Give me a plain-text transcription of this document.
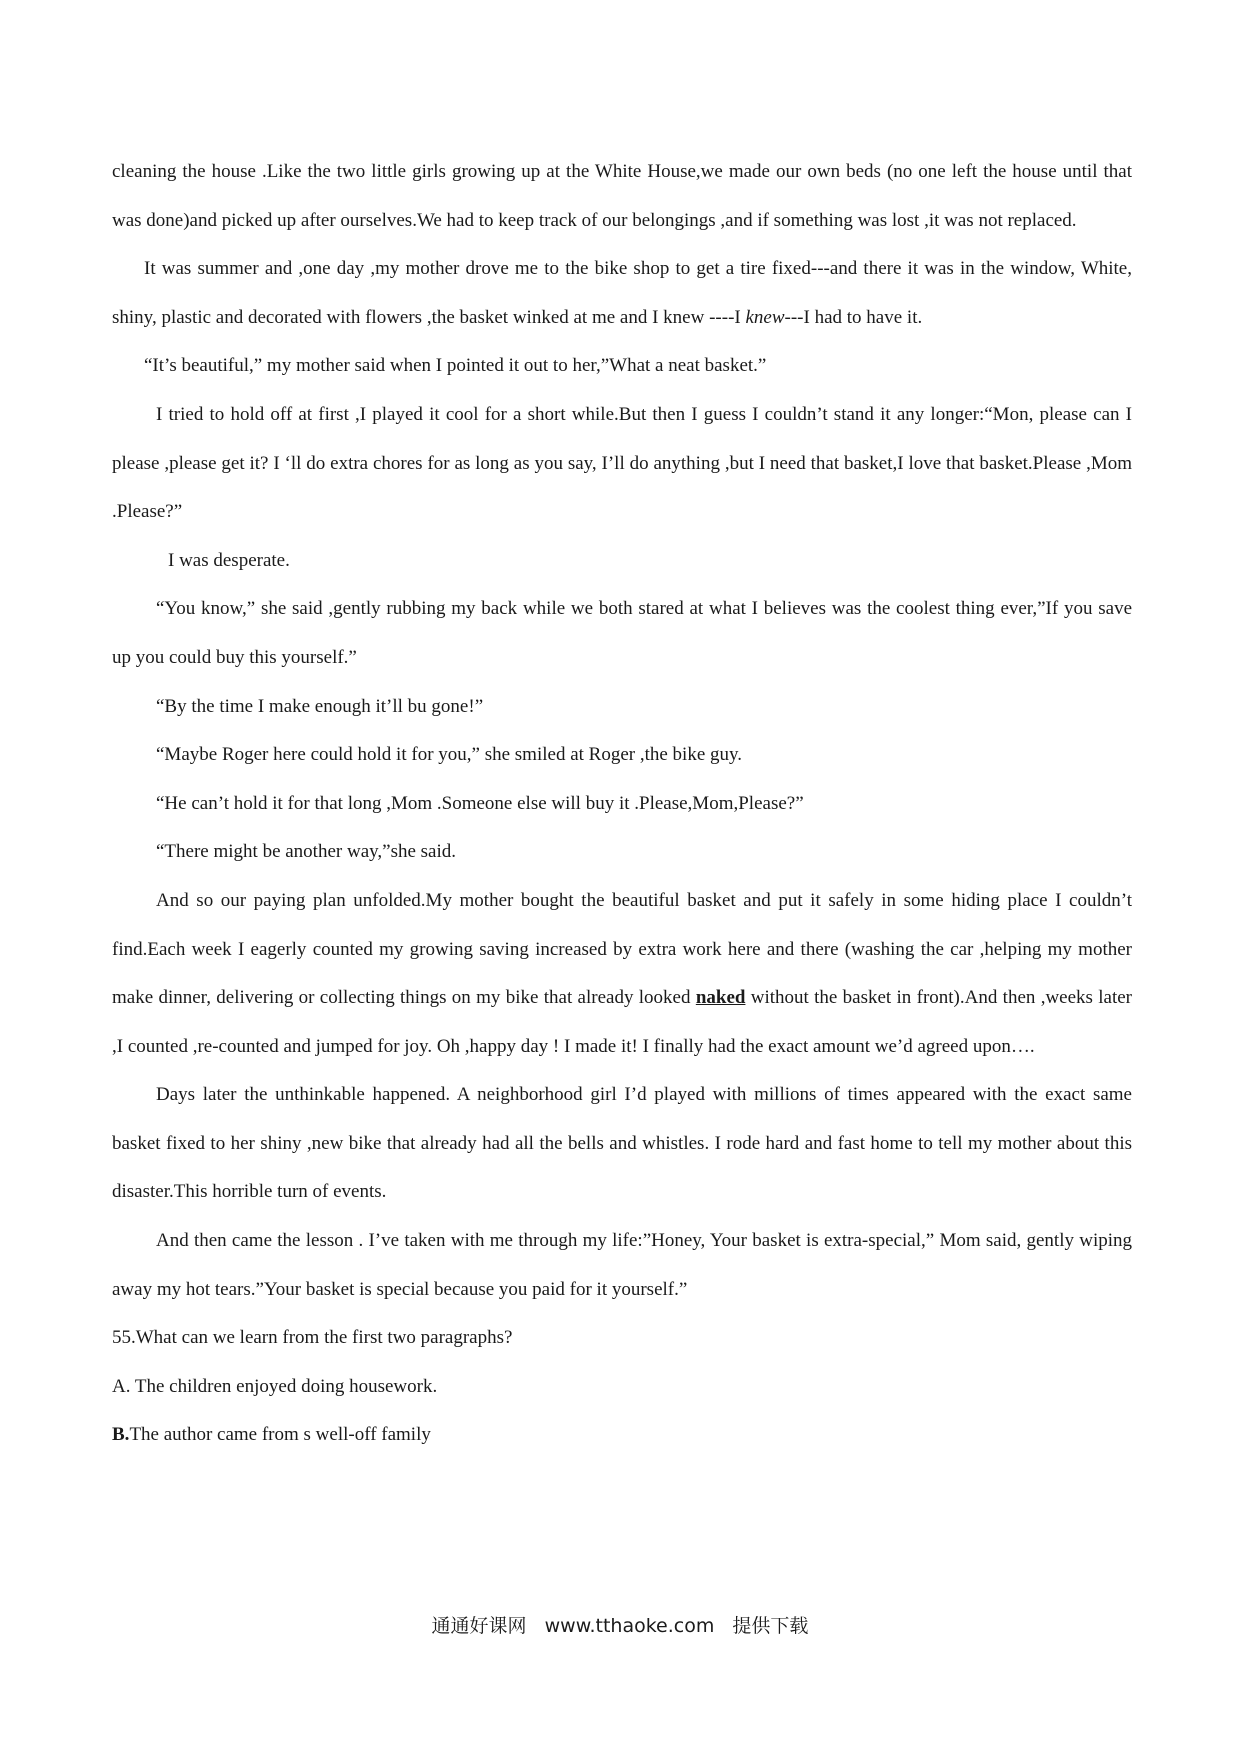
cleaning the house .Like the two little girls growing up at the White House,we made our own beds (no one left the house until that was done)and picked up after ourselves.We had to keep track of our belongings ,and if something was lost ,it was not replaced.

It was summer and ,one day ,my mother drove me to the bike shop to get a tire fixed---and there it was in the window, White, shiny, plastic and decorated with flowers ,the basket winked at me and I knew ----I knew---I had to have it.

“It’s beautiful,” my mother said when I pointed it out to her,”What a neat basket.”

I tried to hold off at first ,I played it cool for a short while.But then I guess I couldn’t stand it any longer:“Mon, please can I please ,please get it? I ‘ll do extra chores for as long as you say, I’ll do anything ,but I need that basket,I love that basket.Please ,Mom .Please?”

I was desperate.

“You know,” she said ,gently rubbing my back while we both stared at what I believes was the coolest thing ever,”If you save up you could buy this yourself.”

“By the time I make enough it’ll bu gone!”

“Maybe Roger here could hold it for you,” she smiled at Roger ,the bike guy.

“He can’t hold it for that long ,Mom .Someone else will buy it .Please,Mom,Please?”

“There might be another way,”she said.

And so our paying plan unfolded.My mother bought the beautiful basket and put it safely in some hiding place I couldn’t find.Each week I eagerly counted my growing saving increased by extra work here and there (washing the car ,helping my mother make dinner, delivering or collecting things on my bike that already looked naked without the basket in front).And then ,weeks later ,I counted ,re-counted and jumped for joy. Oh ,happy day ! I made it! I finally had the exact amount we’d agreed upon….

Days later the unthinkable happened. A neighborhood girl I’d played with millions of times appeared with the exact same basket fixed to her shiny ,new bike that already had all the bells and whistles. I rode hard and fast home to tell my mother about this disaster.This horrible turn of events.

And then came the lesson . I’ve taken with me through my life:”Honey, Your basket is extra-special,” Mom said, gently wiping away my hot tears.”Your basket is special because you paid for it yourself.”

55.What can we learn from the first two paragraphs?

A. The children enjoyed doing housework.

B.The author came from s well-off family

通通好课网 www.tthaoke.com 提供下载
